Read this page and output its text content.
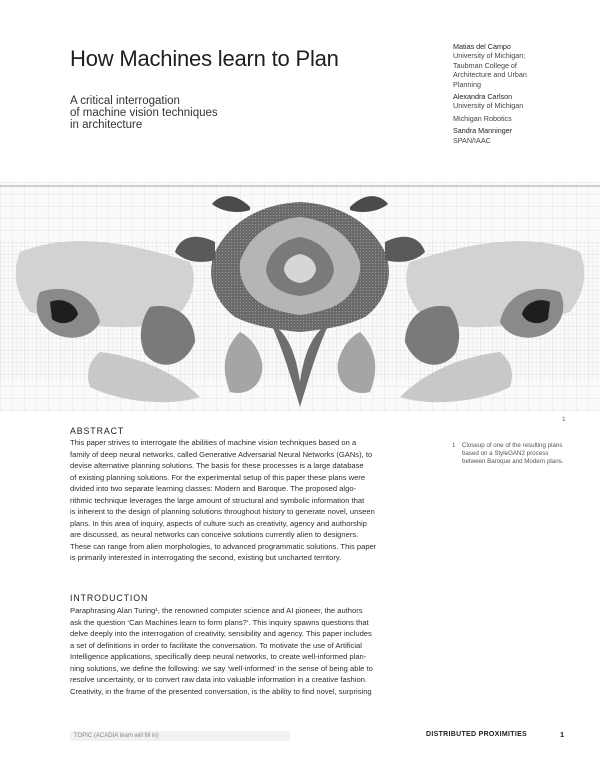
How Machines learn to Plan
A critical interrogation
of machine vision techniques
in architecture
Matias del Campo
University of Michigan;
Taubman College of
Architecture and Urban
Planning
Alexandra Carlson
University of Michigan
Michigan Robotics
Sandra Manninger
SPAN/IAAC
1
1	Closeup of one of the resulting plans based on a StyleGAN2 process between Baroque and Modern plans.
ABSTRACT
This paper strives to interrogate the abilities of machine vision techniques based on a
family of deep neural networks, called Generative Adversarial Neural Networks (GANs), to
devise alternative planning solutions. The basis for these processes is a large database
of existing planning solutions. For the experimental setup of this paper these plans were
divided into two separate learning classes: Modern and Baroque. The proposed algo-
rithmic technique leverages the large amount of structural and symbolic information that
is inherent to the design of planning solutions throughout history to generate novel, unseen
plans. In this area of inquiry, aspects of culture such as creativity, agency and authorship
are discussed, as neural networks can conceive solutions currently alien to designers.
These can range from alien morphologies, to advanced programmatic solutions. This paper
is primarily interested in interrogating the second, existing but uncharted territory.
INTRODUCTION
Paraphrasing Alan Turing¹, the renowned computer science and AI pioneer, the authors
ask the question ‘Can Machines learn to form plans?’. This inquiry spawns questions that
delve deeply into the interrogation of creativity, sensibility and agency. This paper includes
a set of definitions in order to facilitate the conversation. To motivate the use of Artificial
Intelligence applications, specifically deep neural networks, to create well-informed plan-
ning solutions, we define the following: we say ‘well-informed’ in the sense of being able to
resolve uncertainty, or to convert raw data into valuable information in a creative fashion.
Creativity, in the frame of the presented conversation, is the ability to find novel, surprising
TOPIC (ACADIA team will fill in)	DISTRIBUTED PROXIMITIES	1
